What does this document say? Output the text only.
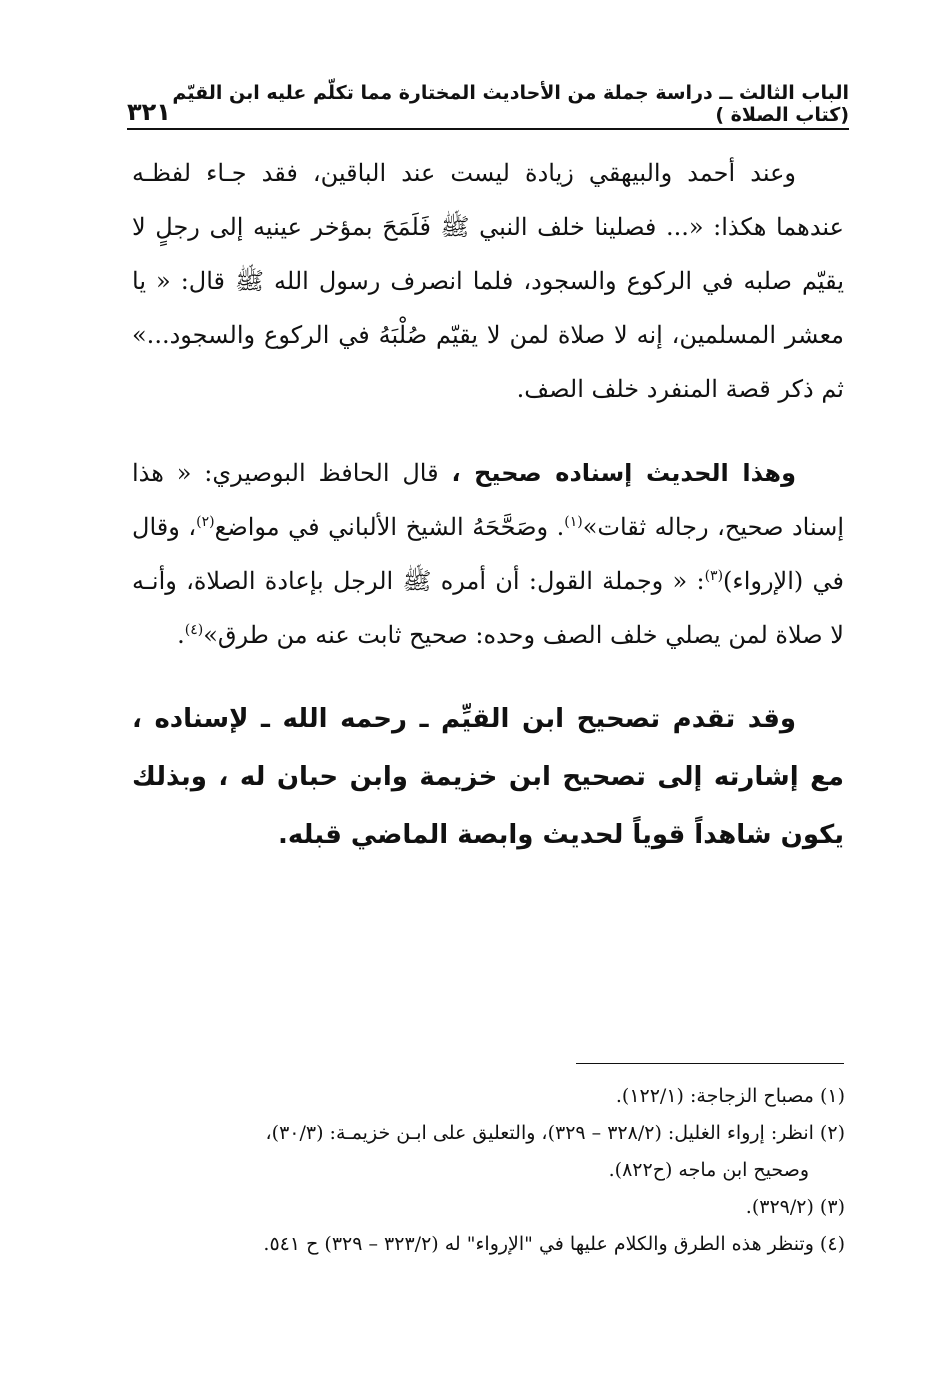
الباب الثالث ــ دراسة جملة من الأحاديث المختارة مما تكلّم عليه ابن القيّم (كتاب الصلاة )
٣٢١

وعند أحمد والبيهقي زيادة ليست عند الباقين، فقد جـاء لفظـه عندهما هكذا: «... فصلينا خلف النبي ﷺ فَلَمَحَ بمؤخر عينيه إلى رجلٍ لا يقيّم صلبه في الركوع والسجود، فلما انصرف رسول الله ﷺ قال: « يا معشر المسلمين، إنه لا صلاة لمن لا يقيّم صُلْبَهُ في الركوع والسجود...» ثم ذكر قصة المنفرد خلف الصف.

وهذا الحديث إسناده صحيح ، قال الحافظ البوصيري: « هذا إسناد صحيح، رجاله ثقات»$^{(١)}$. وصَحَّحَهُ الشيخ الألباني في مواضع$^{(٢)}$، وقال في (الإرواء)$^{(٣)}$: « وجملة القول: أن أمره ﷺ الرجل بإعادة الصلاة، وأنـه لا صلاة لمن يصلي خلف الصف وحده: صحيح ثابت عنه من طرق»$^{(٤)}$.

وقد تقدم تصحيح ابن القيِّم ـ رحمه الله ـ لإسناده ، مع إشارته إلى تصحيح ابن خزيمة وابن حبان له ، وبذلك يكون شاهداً قوياً لحديث وابصة الماضي قبله.

(١) مصباح الزجاجة: (١٢٢/١).

(٢) انظر: إرواء الغليل: (٣٢٨/٢ – ٣٢٩)، والتعليق على ابـن خزيمـة: (٣٠/٣)،

وصحيح ابن ماجه (ح٨٢٢).

(٣) (٣٢٩/٢).

(٤) وتنظر هذه الطرق والكلام عليها في "الإرواء" له (٣٢٣/٢ – ٣٢٩) ح ٥٤١.
